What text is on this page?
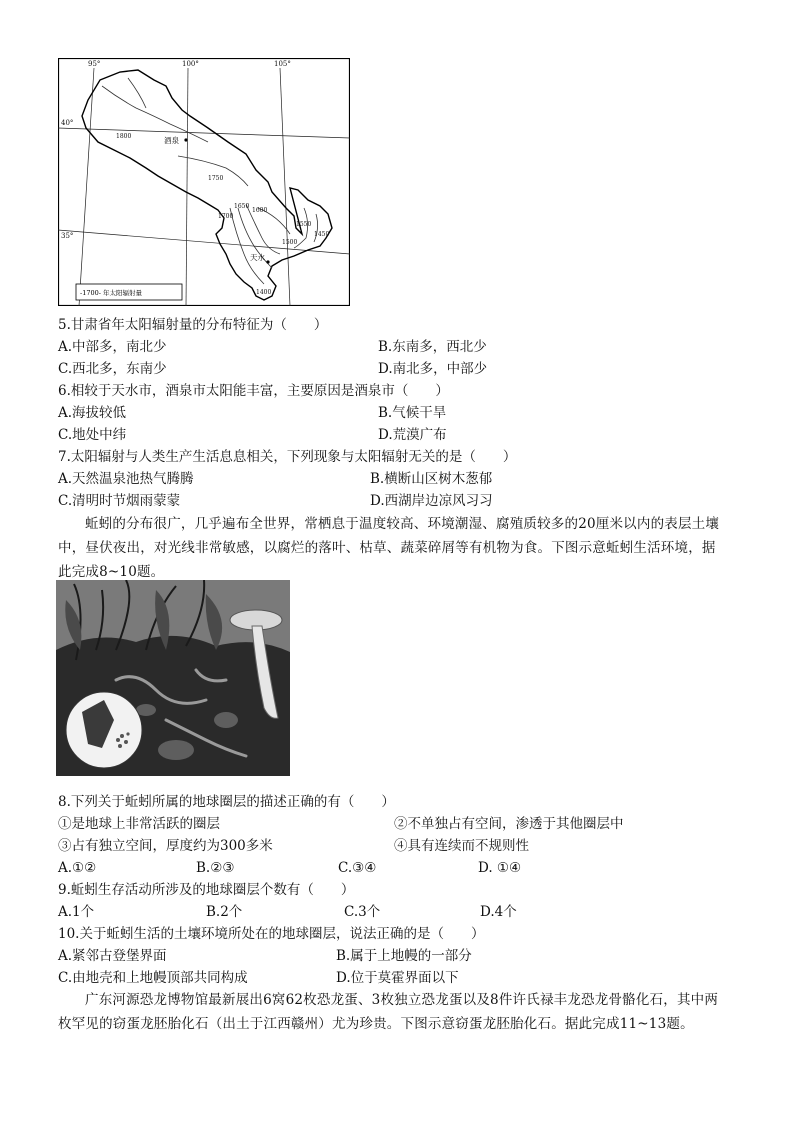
95°	100°	105°
40°
35°
1800
1750
1700
1650
1600
1550
1500
1450
1400
酒泉
天水
-1700- 年太阳辐射量
5.甘肃省年太阳辐射量的分布特征为（　　）
A.中部多，南北少	B.东南多，西北少
C.西北多，东南少	D.南北多，中部少
6.相较于天水市，酒泉市太阳能丰富，主要原因是酒泉市（　　）
A.海拔较低	B.气候干旱
C.地处中纬	D.荒漠广布
7.太阳辐射与人类生产生活息息相关，下列现象与太阳辐射无关的是（　　）
A.天然温泉池热气腾腾	B.横断山区树木葱郁
C.清明时节烟雨蒙蒙	D.西湖岸边凉风习习
蚯蚓的分布很广，几乎遍布全世界，常栖息于温度较高、环境潮湿、腐殖质较多的20厘米以内的表层土壤中，昼伏夜出，对光线非常敏感，以腐烂的落叶、枯草、蔬菜碎屑等有机物为食。下图示意蚯蚓生活环境，据此完成8~10题。
8.下列关于蚯蚓所属的地球圈层的描述正确的有（　　）
①是地球上非常活跃的圈层	②不单独占有空间，渗透于其他圈层中
③占有独立空间，厚度约为300多米	④具有连续而不规则性
A.①②	B.②③	C.③④	D. ①④
9.蚯蚓生存活动所涉及的地球圈层个数有（　　）
A.1个	B.2个	C.3个	D.4个
10.关于蚯蚓生活的土壤环境所处在的地球圈层，说法正确的是（　　）
A.紧邻古登堡界面	B.属于上地幔的一部分
C.由地壳和上地幔顶部共同构成	D.位于莫霍界面以下
广东河源恐龙博物馆最新展出6窝62枚恐龙蛋、3枚独立恐龙蛋以及8件许氏禄丰龙恐龙骨骼化石，其中两枚罕见的窃蛋龙胚胎化石（出土于江西赣州）尤为珍贵。下图示意窃蛋龙胚胎化石。据此完成11~13题。
